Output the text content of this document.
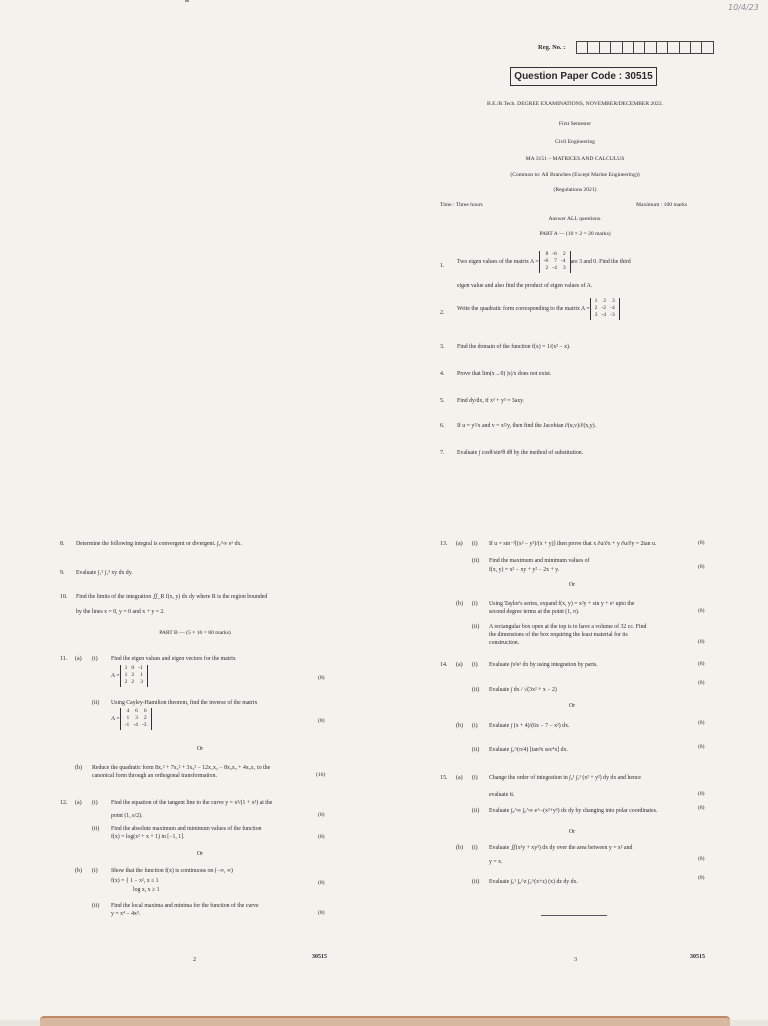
10/4/23
Reg. No. :
Question Paper Code : 30515
B.E./B.Tech. DEGREE EXAMINATIONS, NOVEMBER/DECEMBER 2022.
First Semester
Civil Engineering
MA 3151 – MATRICES AND CALCULUS
(Common to: All Branches (Except Marine Engineering))
(Regulations 2021)
Time : Three hours	Maximum : 100 marks
Answer ALL questions.
PART A — (10 × 2 = 20 marks)
1.
Two eigen values of the matrix A =
8	-6	2
-6	7	-4
2	-4	3
are 3 and 0. Find the third
eigen value and also find the product of eigen values of A.
2.
Write the quadratic form corresponding to the matrix A =
1	2	3
2	-2	-4
3	-4	-3
3. Find the domain of the function f(x) = 1/(x² − x).
4. Prove that lim(x→0) |x|/x does not exist.
5. Find dy/dx, if x³ + y³ = 3axy.
6. If u = y²/x and v = x²/y, then find the Jacobian ∂(u,v)/∂(x,y).
7. Evaluate ∫ cosθ/sin²θ dθ by the method of substitution.
8. Determine the following integral is convergent or divergent. ∫₀^∞ eˣ dx.
9. Evaluate ∫₁² ∫₁³ xy dx dy.
10. Find the limits of the integration ∬_R f(x, y) dx dy where R is the region bounded
by the lines x = 0, y = 0 and x + y = 2.
PART B — (5 × 16 = 80 marks)
11. (a) (i) Find the eigen values and eigen vectors for the matrix
A =
1	0	-1
1	2	1
2	2	3
(8)
(ii) Using Cayley-Hamilton theorem, find the inverse of the matrix
A =
4	6	6
1	3	2
-1	-4	-3
(8)
Or
(b) Reduce the quadratic form 8x₁² + 7x₂² + 3x₃² − 12x₁x₂ − 8x₂x₃ + 4x₃x₁ to the
canonical form through an orthogonal transformation.	(16)
12. (a) (i) Find the equation of the tangent line to the curve y = x²/(1 + x²) at the
point (1, e/2).	(8)
(ii) Find the absolute maximum and minimum values of the function
f(x) = log(x² + x + 1) in [−1, 1].	(8)
Or
(b) (i) Show that the function f(x) is continuous on (−∞, ∞)
f(x) = { 1 − x², x ≤ 1
log x, x ≥ 1
(8)
(ii) Find the local maxima and minima for the function of the curve
y = x⁴ − 4x³.	(8)
2	30515
13. (a) (i) If u = sin⁻¹[(x² − y²)/(x + y)] then prove that x ∂u/∂x + y ∂u/∂y = 2tan u.	(8)
(ii) Find the maximum and minimum values of
f(x, y) = x³ − xy + y² − 2x + y.	(8)
Or
(b) (i) Using Taylor's series, expand f(x, y) = x²y + sin y + eˣ upto the
second degree terms at the point (1, π).	(8)
(ii) A rectangular box open at the top is to have a volume of 32 cc. Find
the dimensions of the box requiring the least material for its
construction.	(8)
14. (a) (i) Evaluate ∫x²eˣ dx by using integration by parts.	(8)
(ii) Evaluate ∫ dx / √(3x² + x − 2)
(8)
Or
(b) (i) Evaluate ∫ (x + 4)/(6x − 7 − x²) dx.	(8)
(ii) Evaluate ∫₀^(π/4) [tan³x sec⁴x] dx.	(8)
15. (a) (i) Change the order of integration in ∫₀¹ ∫ₓ¹ (x² + y²) dy dx and hence
evaluate it.	(8)
(ii) Evaluate ∫₀^∞ ∫₀^∞ e^−(x²+y²) dx dy by changing into polar coordinates.	(8)
Or
(b) (i) Evaluate ∬(x²y + xy²) dx dy over the area between y = x² and
y = x.	(8)
(ii) Evaluate ∫₀¹ ∫₀^z ∫₀^(x+z) (x) dz dy dx.
(8)
3	30515
